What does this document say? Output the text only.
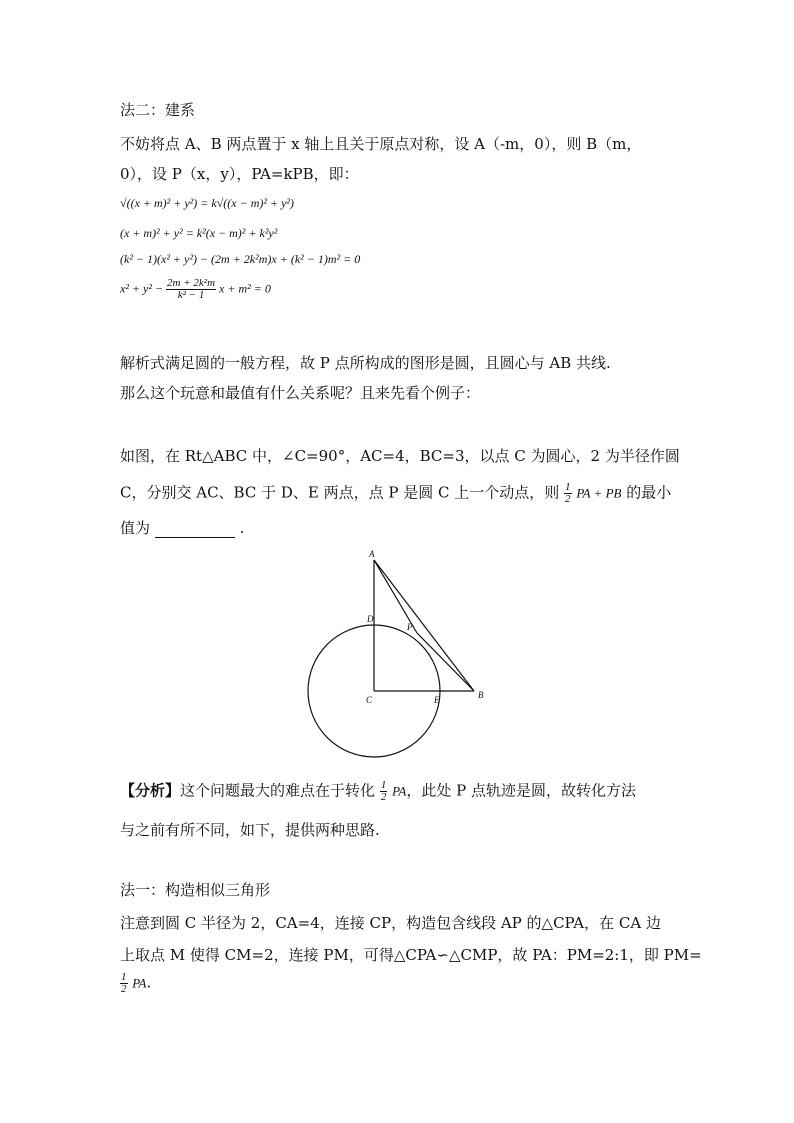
法二：建系
不妨将点 A、B 两点置于 x 轴上且关于原点对称，设 A（-m，0），则 B（m，
0），设 P（x，y），PA=kPB，即：
√((x + m)² + y²) = k√((x − m)² + y²)
(x + m)² + y² = k²(x − m)² + k²y²
(k² − 1)(x² + y²) − (2m + 2k²m)x + (k² − 1)m² = 0
$x^2 + y^2 - \frac{\text{2m + 2k²m}}{\text{k² − 1}}$ x + m² = 0
解析式满足圆的一般方程，故 P 点所构成的图形是圆，且圆心与 AB 共线.
那么这个玩意和最值有什么关系呢？且来先看个例子：
如图，在 Rt△ABC 中，∠C=90°，AC=4，BC=3，以点 C 为圆心，2 为半径作圆
C，分别交 AC、BC 于 D、E 两点，点 P 是圆 C 上一个动点，则 $\frac{1}{2}$ PA + PB 的最小
值为	.
A
B
C
D
E
P
【分析】这个问题最大的难点在于转化 $\frac{1}{2}$ PA，此处 P 点轨迹是圆，故转化方法
与之前有所不同，如下，提供两种思路.
法一：构造相似三角形
注意到圆 C 半径为 2，CA=4，连接 CP，构造包含线段 AP 的△CPA，在 CA 边
上取点 M 使得 CM=2，连接 PM，可得△CPA∽△CMP，故 PA：PM=2:1，即 PM=
$\frac{1}{2}$ PA.
